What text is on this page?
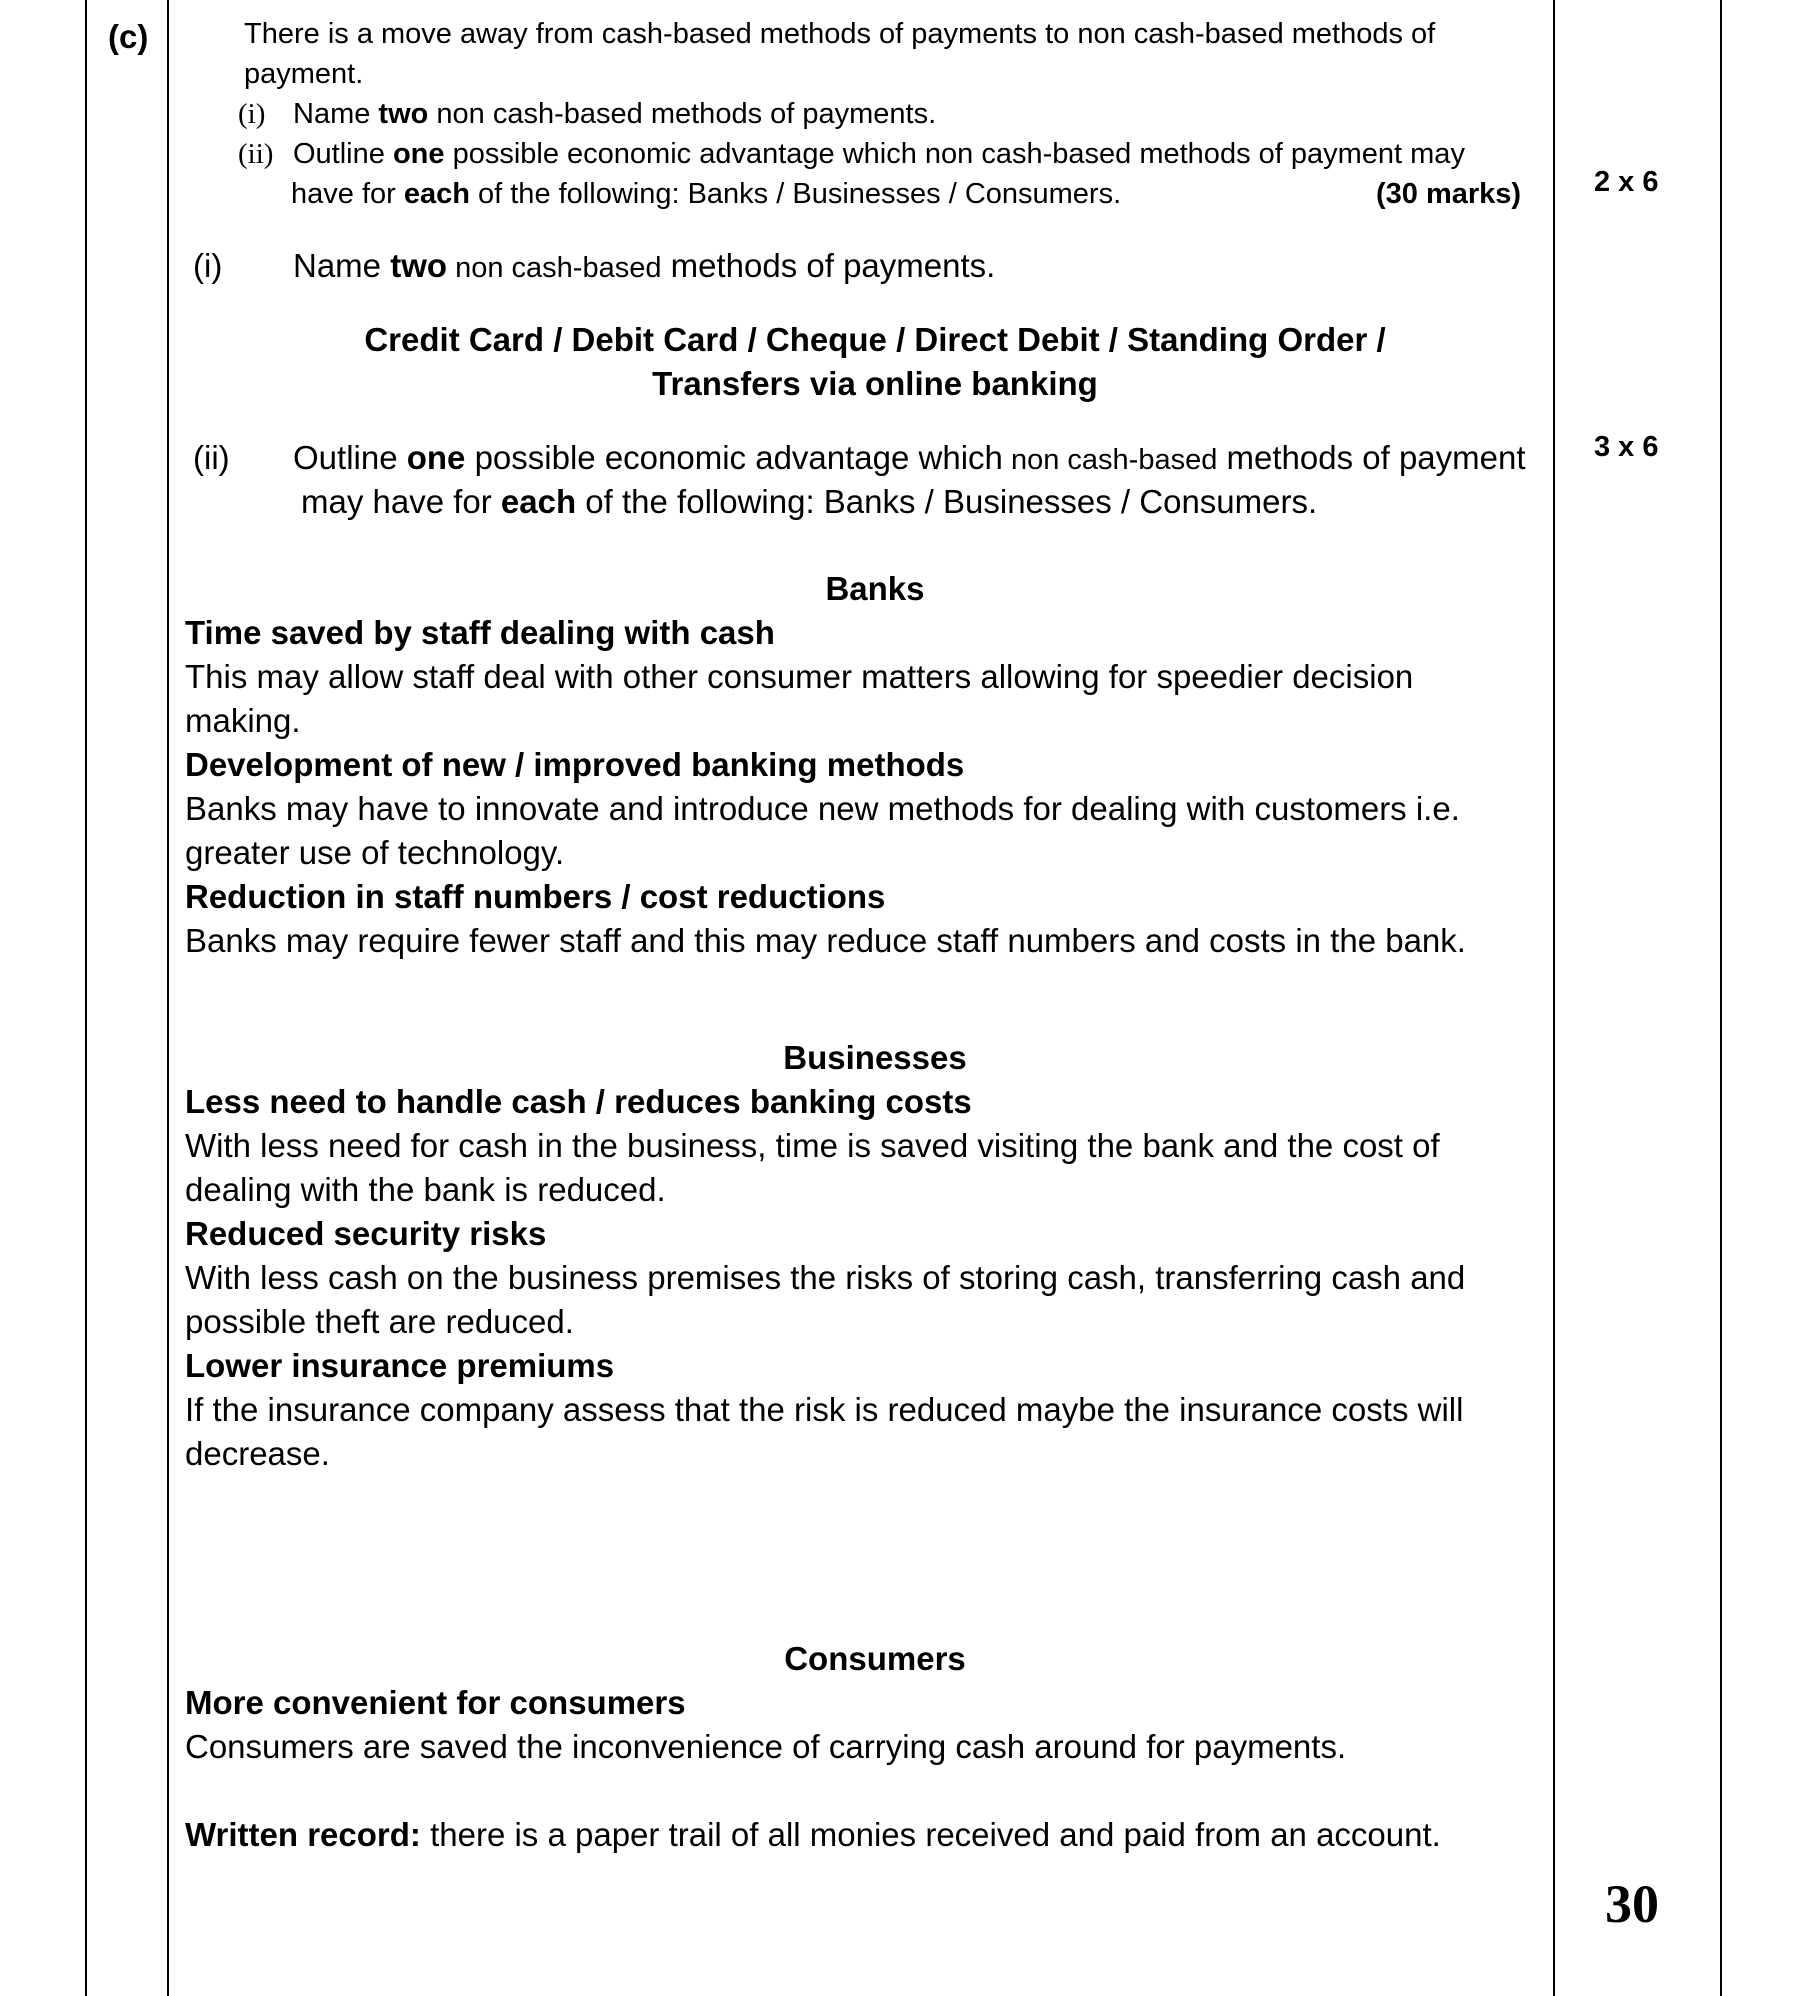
(c)	There is a move away from cash-based methods of payments to non cash-based methods of
payment.
(i) Name two non cash-based methods of payments.
(ii) Outline one possible economic advantage which non cash-based methods of payment may
have for each of the following: Banks / Businesses / Consumers.	(30 marks)	2 x 6
3 x 6
(i) Name two non cash-based methods of payments.
Credit Card / Debit Card / Cheque / Direct Debit / Standing Order /
Transfers via online banking
(ii) Outline one possible economic advantage which non cash-based methods of payment
may have for each of the following: Banks / Businesses / Consumers.
Banks
Time saved by staff dealing with cash
This may allow staff deal with other consumer matters allowing for speedier decision
making.
Development of new / improved banking methods
Banks may have to innovate and introduce new methods for dealing with customers i.e.
greater use of technology.
Reduction in staff numbers / cost reductions
Banks may require fewer staff and this may reduce staff numbers and costs in the bank.
Businesses
Less need to handle cash / reduces banking costs
With less need for cash in the business, time is saved visiting the bank and the cost of
dealing with the bank is reduced.
Reduced security risks
With less cash on the business premises the risks of storing cash, transferring cash and
possible theft are reduced.
Lower insurance premiums
If the insurance company assess that the risk is reduced maybe the insurance costs will
decrease.
Consumers
More convenient for consumers
Consumers are saved the inconvenience of carrying cash around for payments.
Written record: there is a paper trail of all monies received and paid from an account.
30
